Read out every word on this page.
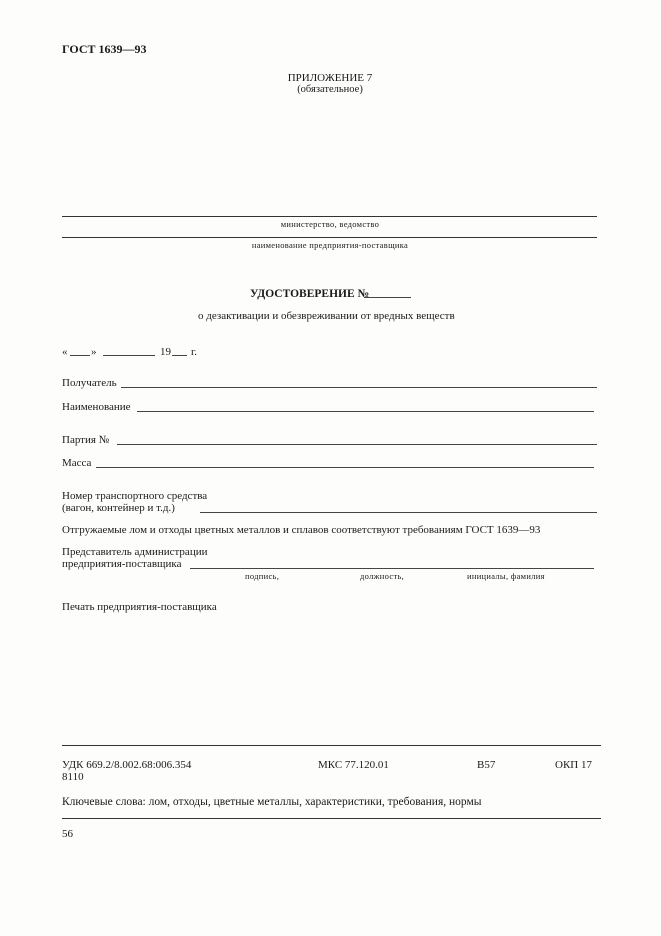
ГОСТ 1639—93
ПРИЛОЖЕНИЕ 7
(обязательное)
министерство, ведомство
наименование предприятия-поставщика
УДОСТОВЕРЕНИЕ №
о дезактивации и обезвреживании от вредных веществ
« »	19 г.
Получатель
Наименование
Партия №
Масса
Номер транспортного средства
(вагон, контейнер и т.д.)
Отгружаемые лом и отходы цветных металлов и сплавов соответствуют требованиям ГОСТ 1639—93
Представитель администрации
предприятия-поставщика
подпись,	должность,	инициалы, фамилия
Печать предприятия-поставщика
УДК 669.2/8.002.68:006.354
8110
МКС 77.120.01	В57	ОКП 17
Ключевые слова: лом, отходы, цветные металлы, характеристики, требования, нормы
56
